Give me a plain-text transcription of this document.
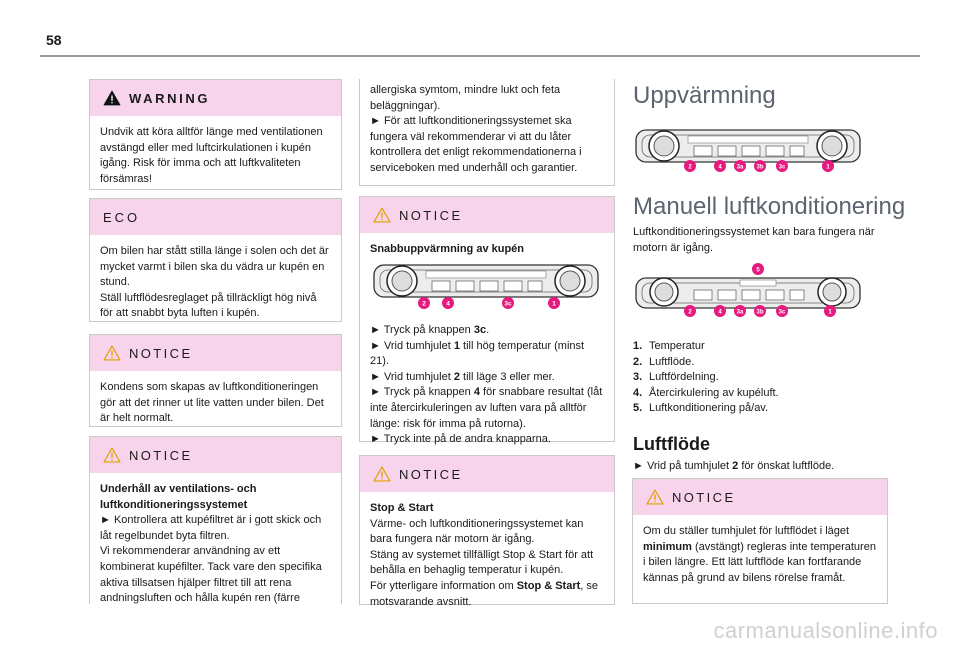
58
WARNING

Undvik att köra alltför länge med ventilationen avstängd eller med luftcirkulationen i kupén igång. Risk för imma och att luftkvaliteten försämras!

ECO

Om bilen har stått stilla länge i solen och det är mycket varmt i bilen ska du vädra ur kupén en stund.

Ställ luftflödesreglaget på tillräckligt hög nivå för att snabbt byta luften i kupén.

NOTICE

Kondens som skapas av luftkonditioneringen gör att det rinner ut lite vatten under bilen. Det är helt normalt.

NOTICE

Underhåll av ventilations- och luftkonditioneringssystemet

► Kontrollera att kupéfiltret är i gott skick och låt regelbundet byta filtren.

Vi rekommenderar användning av ett kombinerat kupéfilter. Tack vare den specifika aktiva tillsatsen hjälper filtret till att rena andningsluften och hålla kupén ren (färre

allergiska symtom, mindre lukt och feta beläggningar).

► För att luftkonditioneringssystemet ska fungera väl rekommenderar vi att du låter kontrollera det enligt rekommendationerna i serviceboken med underhåll och garantier.

NOTICE

Snabbuppvärmning av kupén

2	4	3c	1

► Tryck på knappen 3c.

► Vrid tumhjulet 1 till hög temperatur (minst 21).

► Vrid tumhjulet 2 till läge 3 eller mer.

► Tryck på knappen 4 för snabbare resultat (låt inte återcirkuleringen av luften vara på alltför länge: risk för imma på rutorna).

► Tryck inte på de andra knapparna.

NOTICE

Stop & Start

Värme- och luftkonditioneringssystemet kan bara fungera när motorn är igång.

Stäng av systemet tillfälligt Stop & Start för att behålla en behaglig temperatur i kupén.

För ytterligare information om Stop & Start, se motsvarande avsnitt.

Uppvärmning
2	4 3a 3b	3c	1
Manuell luftkonditionering

Luftkonditioneringssystemet kan bara fungera när motorn är igång.

5
2	4 3a 3b	3c	1
1. Temperatur
2. Luftflöde.
3. Luftfördelning.
4. Återcirkulering av kupéluft.
5. Luftkonditionering på/av.
Luftflöde

► Vrid på tumhjulet 2 för önskat luftflöde.

NOTICE

Om du ställer tumhjulet för luftflödet i läget minimum (avstängt) regleras inte temperaturen i bilen längre. Ett lätt luftflöde kan fortfarande kännas på grund av bilens rörelse framåt.

carmanualsonline.info
